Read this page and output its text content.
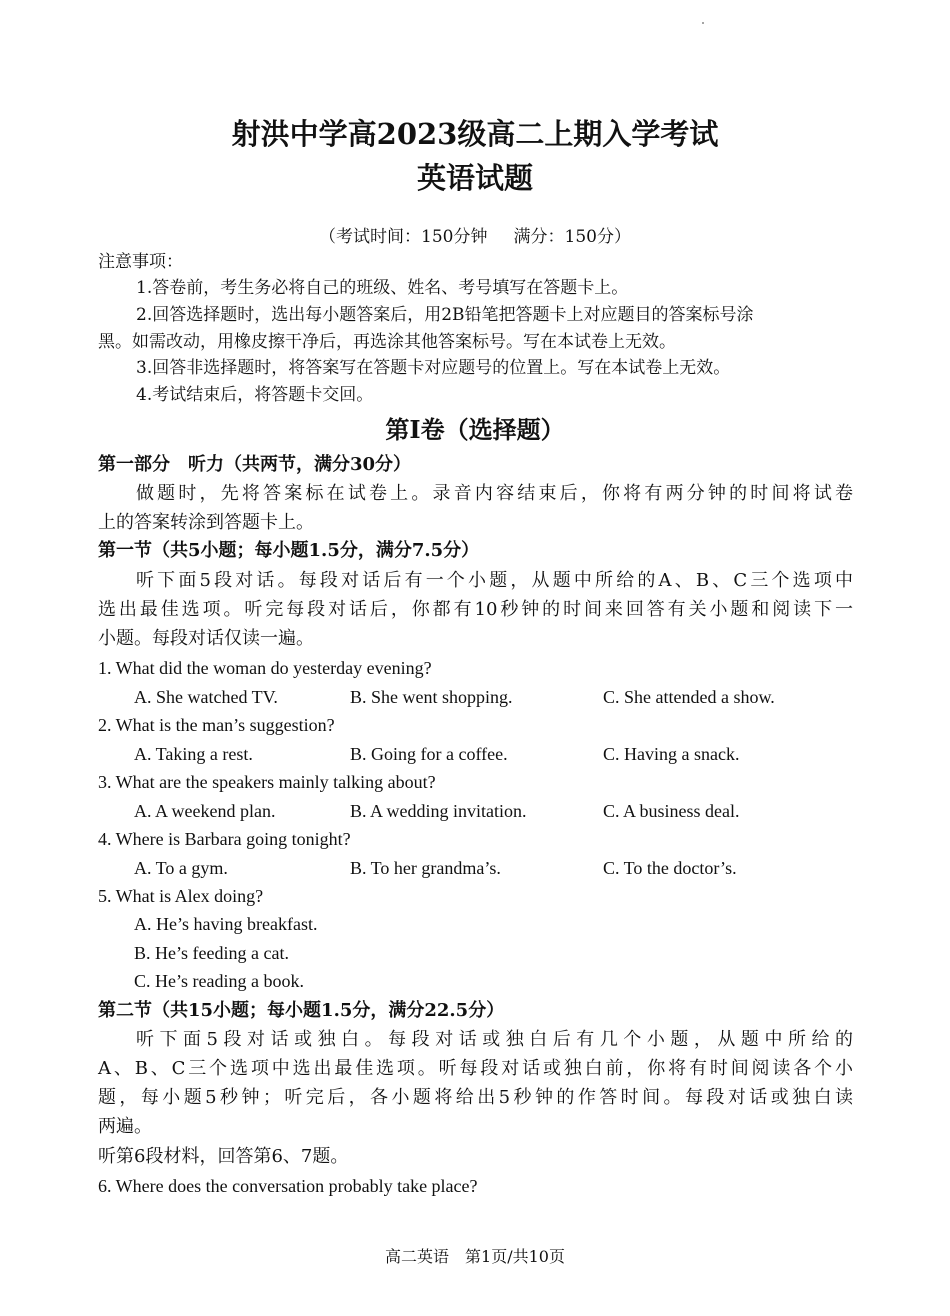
射洪中学高2023级高二上期入学考试
英语试题
（考试时间：150分钟 满分：150分）
注意事项：
1.答卷前，考生务必将自己的班级、姓名、考号填写在答题卡上。
2.回答选择题时，选出每小题答案后，用2B铅笔把答题卡上对应题目的答案标号涂
黑。如需改动，用橡皮擦干净后，再选涂其他答案标号。写在本试卷上无效。
3.回答非选择题时，将答案写在答题卡对应题号的位置上。写在本试卷上无效。
4.考试结束后，将答题卡交回。
第I卷（选择题）
第一部分　听力（共两节，满分30分）
做题时，先将答案标在试卷上。录音内容结束后，你将有两分钟的时间将试卷
上的答案转涂到答题卡上。
第一节（共5小题；每小题1.5分，满分7.5分）
听下面5段对话。每段对话后有一个小题，从题中所给的A、B、C三个选项中
选出最佳选项。听完每段对话后，你都有10秒钟的时间来回答有关小题和阅读下一
小题。每段对话仅读一遍。
1. What did the woman do yesterday evening?
A. She watched TV.	B. She went shopping.	C. She attended a show.
2. What is the man’s suggestion?
A. Taking a rest.	B. Going for a coffee.	C. Having a snack.
3. What are the speakers mainly talking about?
A. A weekend plan.	B. A wedding invitation.	C. A business deal.
4. Where is Barbara going tonight?
A. To a gym.	B. To her grandma’s.	C. To the doctor’s.
5. What is Alex doing?
A. He’s having breakfast.
B. He’s feeding a cat.
C. He’s reading a book.
第二节（共15小题；每小题1.5分，满分22.5分）
听下面5段对话或独白。每段对话或独白后有几个小题，从题中所给的
A、B、C三个选项中选出最佳选项。听每段对话或独白前，你将有时间阅读各个小
题，每小题5秒钟；听完后，各小题将给出5秒钟的作答时间。每段对话或独白读
两遍。
听第6段材料，回答第6、7题。
6. Where does the conversation probably take place?
高二英语　第1页/共10页
